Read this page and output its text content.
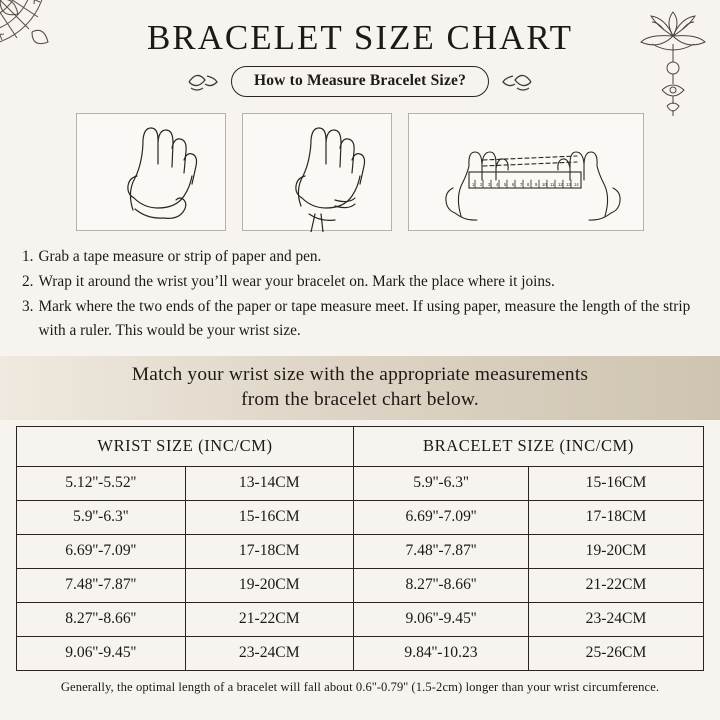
BRACELET SIZE CHART
How to Measure Bracelet Size?
1 2 3 4 5 6 7 8 9 10 11 12 13 14
1. Grab a tape measure or strip of paper and pen.
2. Wrap it around the wrist you’ll wear your bracelet on. Mark the place where it joins.
3. Mark where the two ends of the paper or tape measure meet. If using paper, measure the length of the strip with a ruler. This would be your wrist size.
Match your wrist size with the appropriate measurements
from the bracelet chart below.
WRIST SIZE (INC/CM)		BRACELET SIZE (INC/CM)	
5.12''-5.52''	13-14CM	5.9''-6.3''	15-16CM
5.9''-6.3''	15-16CM	6.69''-7.09''	17-18CM
6.69''-7.09''	17-18CM	7.48''-7.87''	19-20CM
7.48''-7.87''	19-20CM	8.27''-8.66''	21-22CM
8.27''-8.66''	21-22CM	9.06''-9.45''	23-24CM
9.06''-9.45''	23-24CM	9.84''-10.23	25-26CM
Generally, the optimal length of a bracelet will fall about 0.6''-0.79'' (1.5-2cm) longer than your wrist circumference.
